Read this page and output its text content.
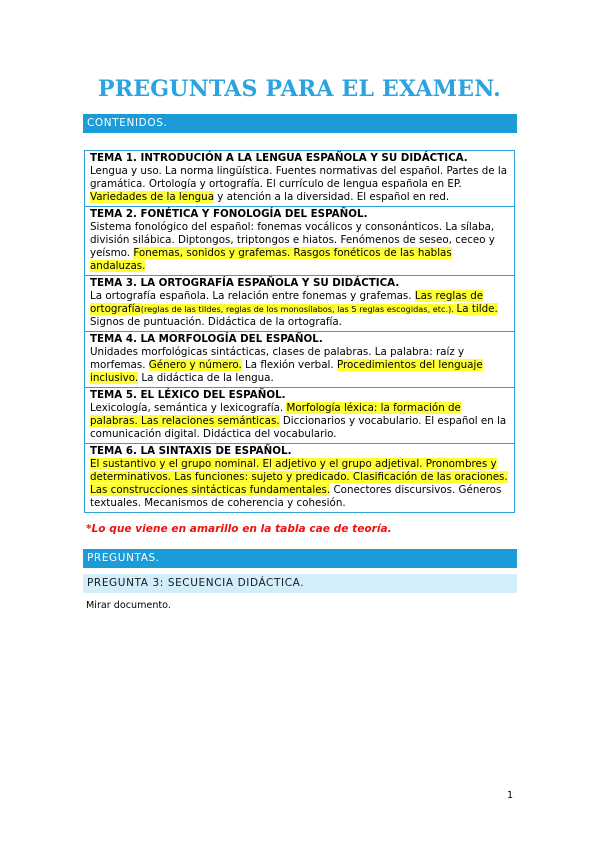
PREGUNTAS PARA EL EXAMEN.
CONTENIDOS.
TEMA 1. INTRODUCIÓN A LA LENGUA ESPAÑOLA Y SU DIDÁCTICA.
Lengua y uso. La norma lingüística. Fuentes normativas del español. Partes de la gramática. Ortología y ortografía. El currículo de lengua española en EP. Variedades de la lengua y atención a la diversidad. El español en red.

TEMA 2. FONÉTICA Y FONOLOGÍA DEL ESPAÑOL.
Sistema fonológico del español: fonemas vocálicos y consonánticos. La sílaba, división silábica. Diptongos, triptongos e hiatos. Fenómenos de seseo, ceceo y yeísmo. Fonemas, sonidos y grafemas. Rasgos fonéticos de las hablas andaluzas.

TEMA 3. LA ORTOGRAFÍA ESPAÑOLA Y SU DIDÁCTICA.
La ortografía española. La relación entre fonemas y grafemas. Las reglas de ortografía(reglas de las tildes, reglas de los monosílabos, las 5 reglas escogidas, etc.). La tilde. Signos de puntuación. Didáctica de la ortografía.

TEMA 4. LA MORFOLOGÍA DEL ESPAÑOL.
Unidades morfológicas sintácticas, clases de palabras. La palabra: raíz y morfemas. Género y número. La flexión verbal. Procedimientos del lenguaje inclusivo. La didáctica de la lengua.

TEMA 5. EL LÉXICO DEL ESPAÑOL.
Lexicología, semántica y lexicografía. Morfología léxica: la formación de palabras. Las relaciones semánticas. Diccionarios y vocabulario. El español en la comunicación digital. Didáctica del vocabulario.

TEMA 6. LA SINTAXIS DE ESPAÑOL.
El sustantivo y el grupo nominal. El adjetivo y el grupo adjetival. Pronombres y determinativos. Las funciones: sujeto y predicado. Clasificación de las oraciones. Las construcciones sintácticas fundamentales. Conectores discursivos. Géneros textuales. Mecanismos de coherencia y cohesión.
*Lo que viene en amarillo en la tabla cae de teoría.
PREGUNTAS.
PREGUNTA 3: SECUENCIA DIDÁCTICA.
Mirar documento.
1
